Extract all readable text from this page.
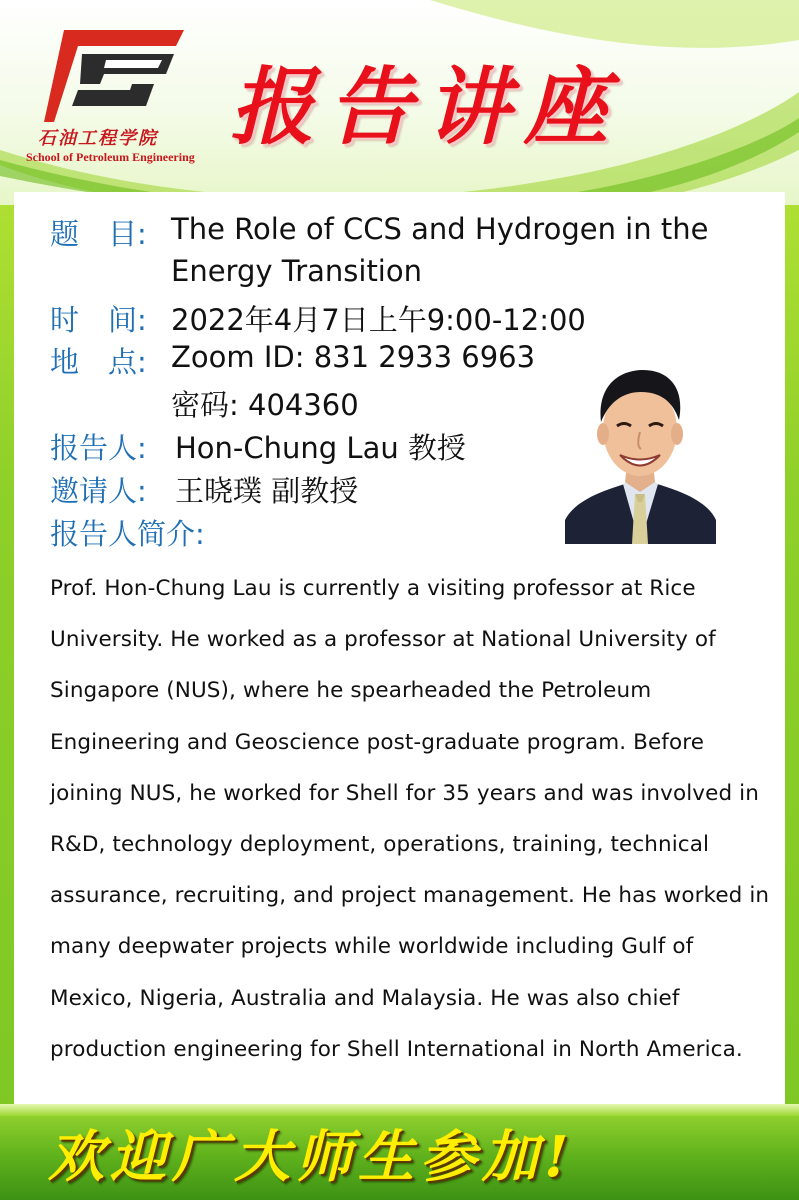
石油工程学院
School of Petroleum Engineering
报告讲座
题　目: The Role of CCS and Hydrogen in the
Energy Transition
时　间: 2022年4月7日上午9:00-12:00
地　点: Zoom ID: 831 2933 6963
密码: 404360
报告人: Hon-Chung Lau 教授
邀请人: 王晓璞 副教授
报告人简介:
Prof. Hon-Chung Lau is currently a visiting professor at Rice University. He worked as a professor at National University of Singapore (NUS), where he spearheaded the Petroleum Engineering and Geoscience post-graduate program. Before joining NUS, he worked for Shell for 35 years and was involved in R&D, technology deployment, operations, training, technical assurance, recruiting, and project management. He has worked in many deepwater projects while worldwide including Gulf of Mexico, Nigeria, Australia and Malaysia. He was also chief production engineering for Shell International in North America.
欢迎广大师生参加!
